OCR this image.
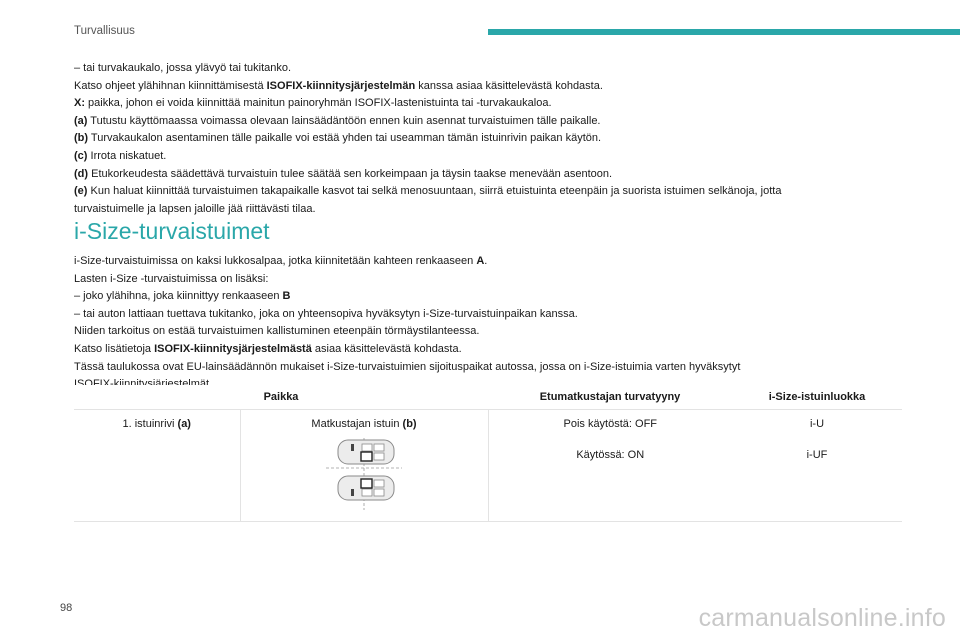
Turvallisuus

– tai turvakaukalo, jossa ylävyö tai tukitanko.

Katso ohjeet ylähihnan kiinnittämisestä ISOFIX-kiinnitysjärjestelmän kanssa asiaa käsittelevästä kohdasta.

X: paikka, johon ei voida kiinnittää mainitun painoryhmän ISOFIX-lastenistuinta tai -turvakaukaloa.

(a) Tutustu käyttömaassa voimassa olevaan lainsäädäntöön ennen kuin asennat turvaistuimen tälle paikalle.

(b) Turvakaukalon asentaminen tälle paikalle voi estää yhden tai useamman tämän istuinrivin paikan käytön.

(c) Irrota niskatuet.

(d) Etukorkeudesta säädettävä turvaistuin tulee säätää sen korkeimpaan ja täysin taakse menevään asentoon.

(e) Kun haluat kiinnittää turvaistuimen takapaikalle kasvot tai selkä menosuuntaan, siirrä etuistuinta eteenpäin ja suorista istuimen selkänoja, jotta

turvaistuimelle ja lapsen jaloille jää riittävästi tilaa.

i-Size-turvaistuimet

i-Size-turvaistuimissa on kaksi lukkosalpaa, jotka kiinnitetään kahteen renkaaseen A.

Lasten i-Size -turvaistuimissa on lisäksi:

– joko ylähihna, joka kiinnittyy renkaaseen B

– tai auton lattiaan tuettava tukitanko, joka on yhteensopiva hyväksytyn i-Size-turvaistuinpaikan kanssa.

Niiden tarkoitus on estää turvaistuimen kallistuminen eteenpäin törmäystilanteessa.

Katso lisätietoja ISOFIX-kiinnitysjärjestelmästä asiaa käsittelevästä kohdasta.

Tässä taulukossa ovat EU-lainsäädännön mukaiset i-Size-turvaistuimien sijoituspaikat autossa, jossa on i-Size-istuimia varten hyväksytyt

Paikka		Etumatkustajan turvatyyny	i-Size-istuinluokka
1. istuinrivi (a)	Matkustajan istuin (b)	Pois käytöstä: OFF	i-U
		Käytössä: ON	i-UF
98	carmanualsonline.info
